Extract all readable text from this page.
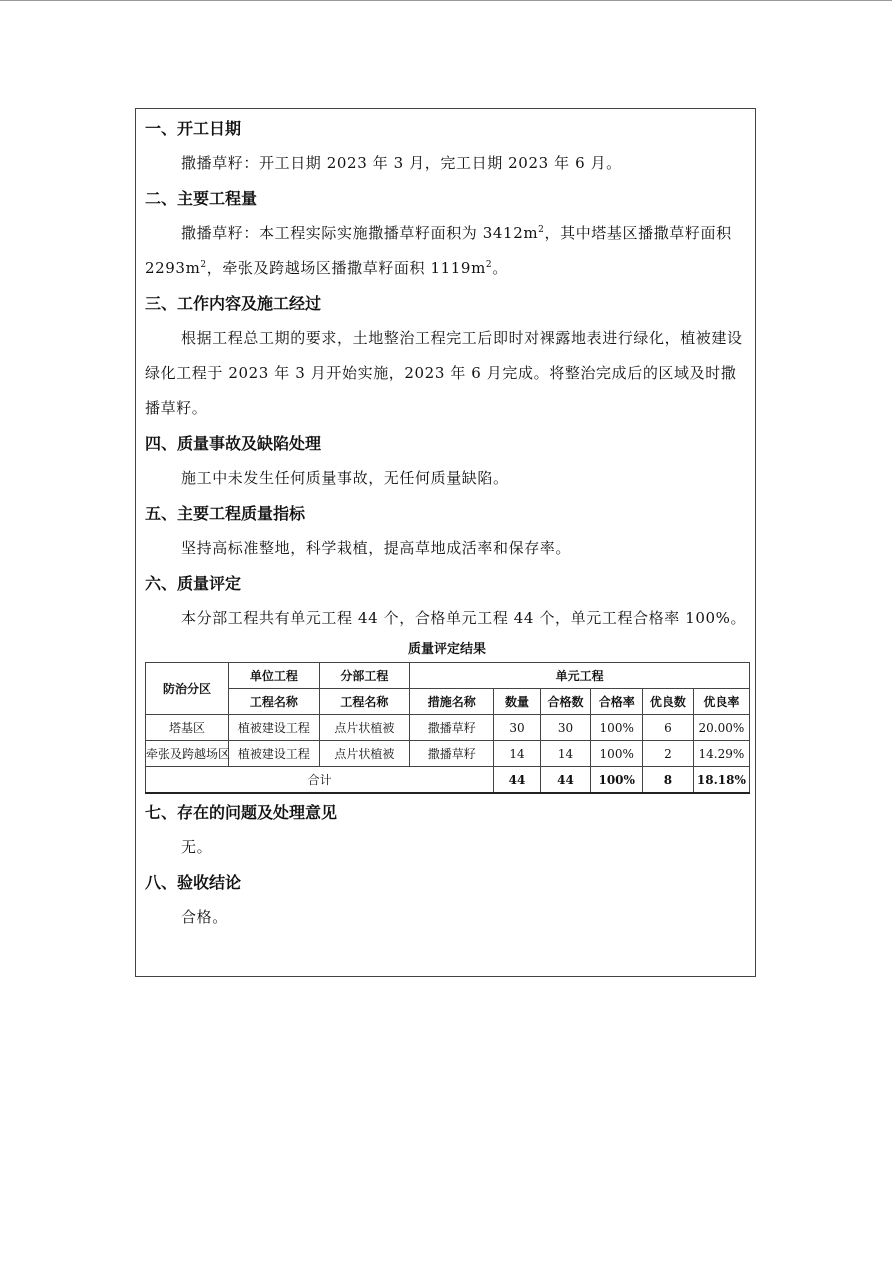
一、开工日期
撒播草籽：开工日期 2023 年 3 月，完工日期 2023 年 6 月。
二、主要工程量
撒播草籽：本工程实际实施撒播草籽面积为 $3412m^2$，其中塔基区播撒草籽面积 $2293m^2$，牵张及跨越场区播撒草籽面积 $1119m^2$。
三、工作内容及施工经过
根据工程总工期的要求，土地整治工程完工后即时对裸露地表进行绿化，植被建设绿化工程于 2023 年 3 月开始实施，2023 年 6 月完成。将整治完成后的区域及时撒播草籽。
四、质量事故及缺陷处理
施工中未发生任何质量事故，无任何质量缺陷。
五、主要工程质量指标
坚持高标准整地，科学栽植，提高草地成活率和保存率。
六、质量评定
本分部工程共有单元工程 44 个，合格单元工程 44 个，单元工程合格率 100%。
质量评定结果
防治分区	单位工程	分部工程	单元工程					
	工程名称	工程名称	措施名称	数量	合格数	合格率	优良数	优良率
塔基区	植被建设工程	点片状植被	撒播草籽	30	30	100%	6	20.00%
牵张及跨越场区	植被建设工程	点片状植被	撒播草籽	14	14	100%	2	14.29%
合计				44	44	100%	8	18.18%
七、存在的问题及处理意见
无。
八、验收结论
合格。
